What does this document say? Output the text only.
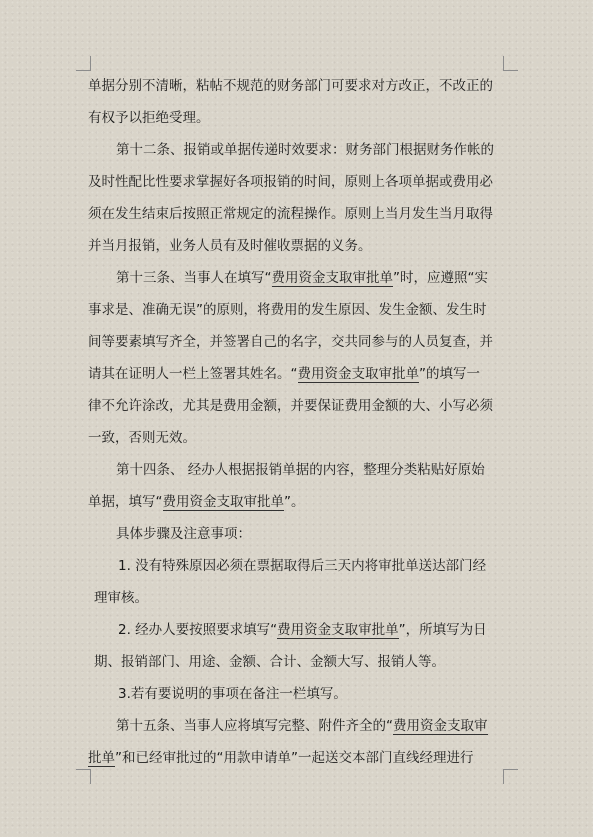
单据分别不清晰，粘帖不规范的财务部门可要求对方改正，不改正的
有权予以拒绝受理。
第十二条、报销或单据传递时效要求：财务部门根据财务作帐的
及时性配比性要求掌握好各项报销的时间，原则上各项单据或费用必
须在发生结束后按照正常规定的流程操作。原则上当月发生当月取得
并当月报销，业务人员有及时催收票据的义务。
第十三条、当事人在填写“费用资金支取审批单”时，应遵照“实
事求是、准确无误”的原则，将费用的发生原因、发生金额、发生时
间等要素填写齐全，并签署自己的名字，交共同参与的人员复查，并
请其在证明人一栏上签署其姓名。“费用资金支取审批单”的填写一
律不允许涂改，尤其是费用金额，并要保证费用金额的大、小写必须
一致，否则无效。
第十四条、 经办人根据报销单据的内容，整理分类粘贴好原始
单据，填写“费用资金支取审批单”。
具体步骤及注意事项：
1. 没有特殊原因必须在票据取得后三天内将审批单送达部门经
理审核。
2. 经办人要按照要求填写“费用资金支取审批单”，所填写为日
期、报销部门、用途、金额、合计、金额大写、报销人等。
3.若有要说明的事项在备注一栏填写。
第十五条、当事人应将填写完整、附件齐全的“费用资金支取审
批单”和已经审批过的“用款申请单”一起送交本部门直线经理进行
